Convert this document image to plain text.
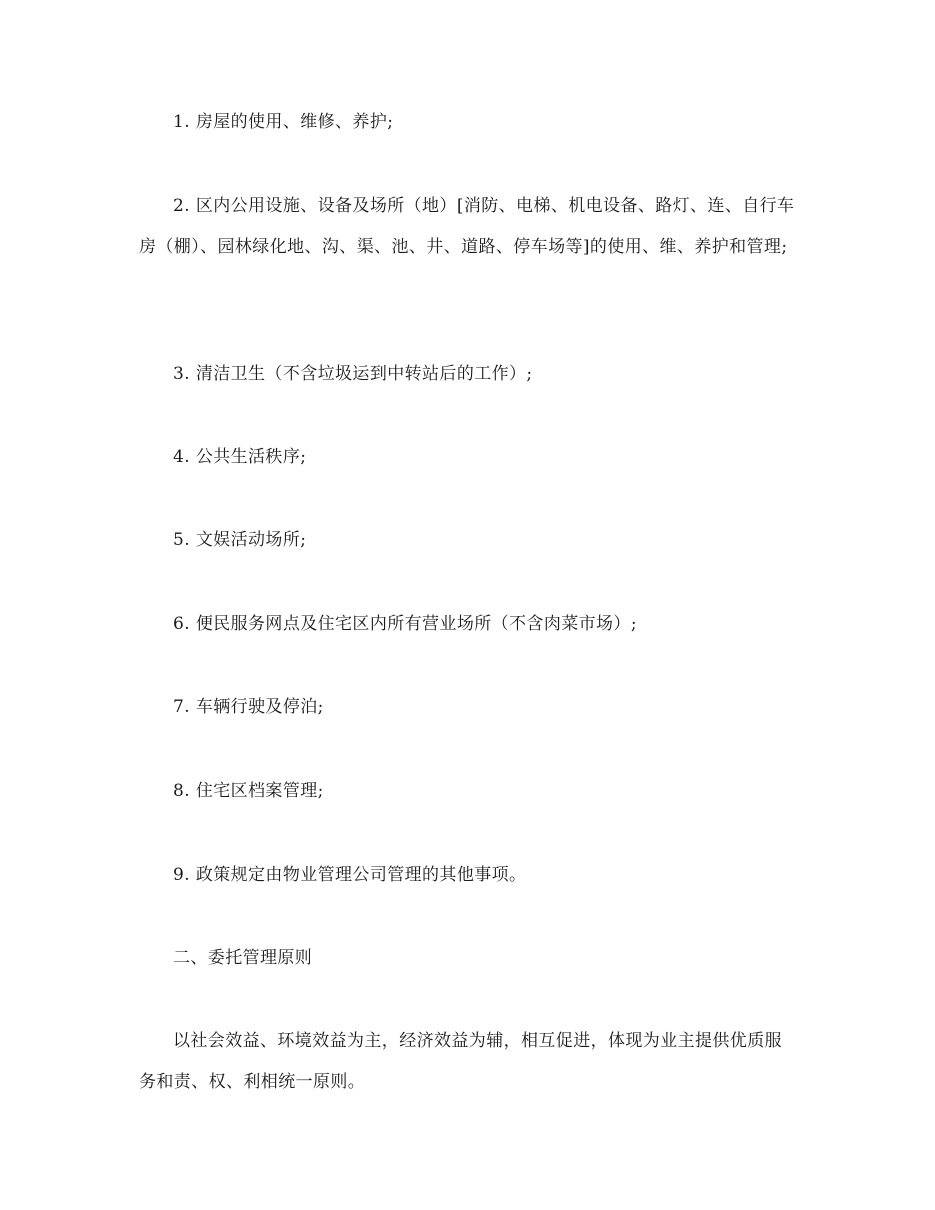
1. 房屋的使用、维修、养护;

2. 区内公用设施、设备及场所（地）[消防、电梯、机电设备、路灯、连、自行车房（棚）、园林绿化地、沟、渠、池、井、道路、停车场等]的使用、维、养护和管理;

3. 清洁卫生（不含垃圾运到中转站后的工作）;

4. 公共生活秩序;

5. 文娱活动场所;

6. 便民服务网点及住宅区内所有营业场所（不含肉菜市场）;

7. 车辆行驶及停泊;

8. 住宅区档案管理;

9. 政策规定由物业管理公司管理的其他事项。

二、委托管理原则

以社会效益、环境效益为主，经济效益为辅，相互促进，体现为业主提供优质服务和责、权、利相统一原则。
